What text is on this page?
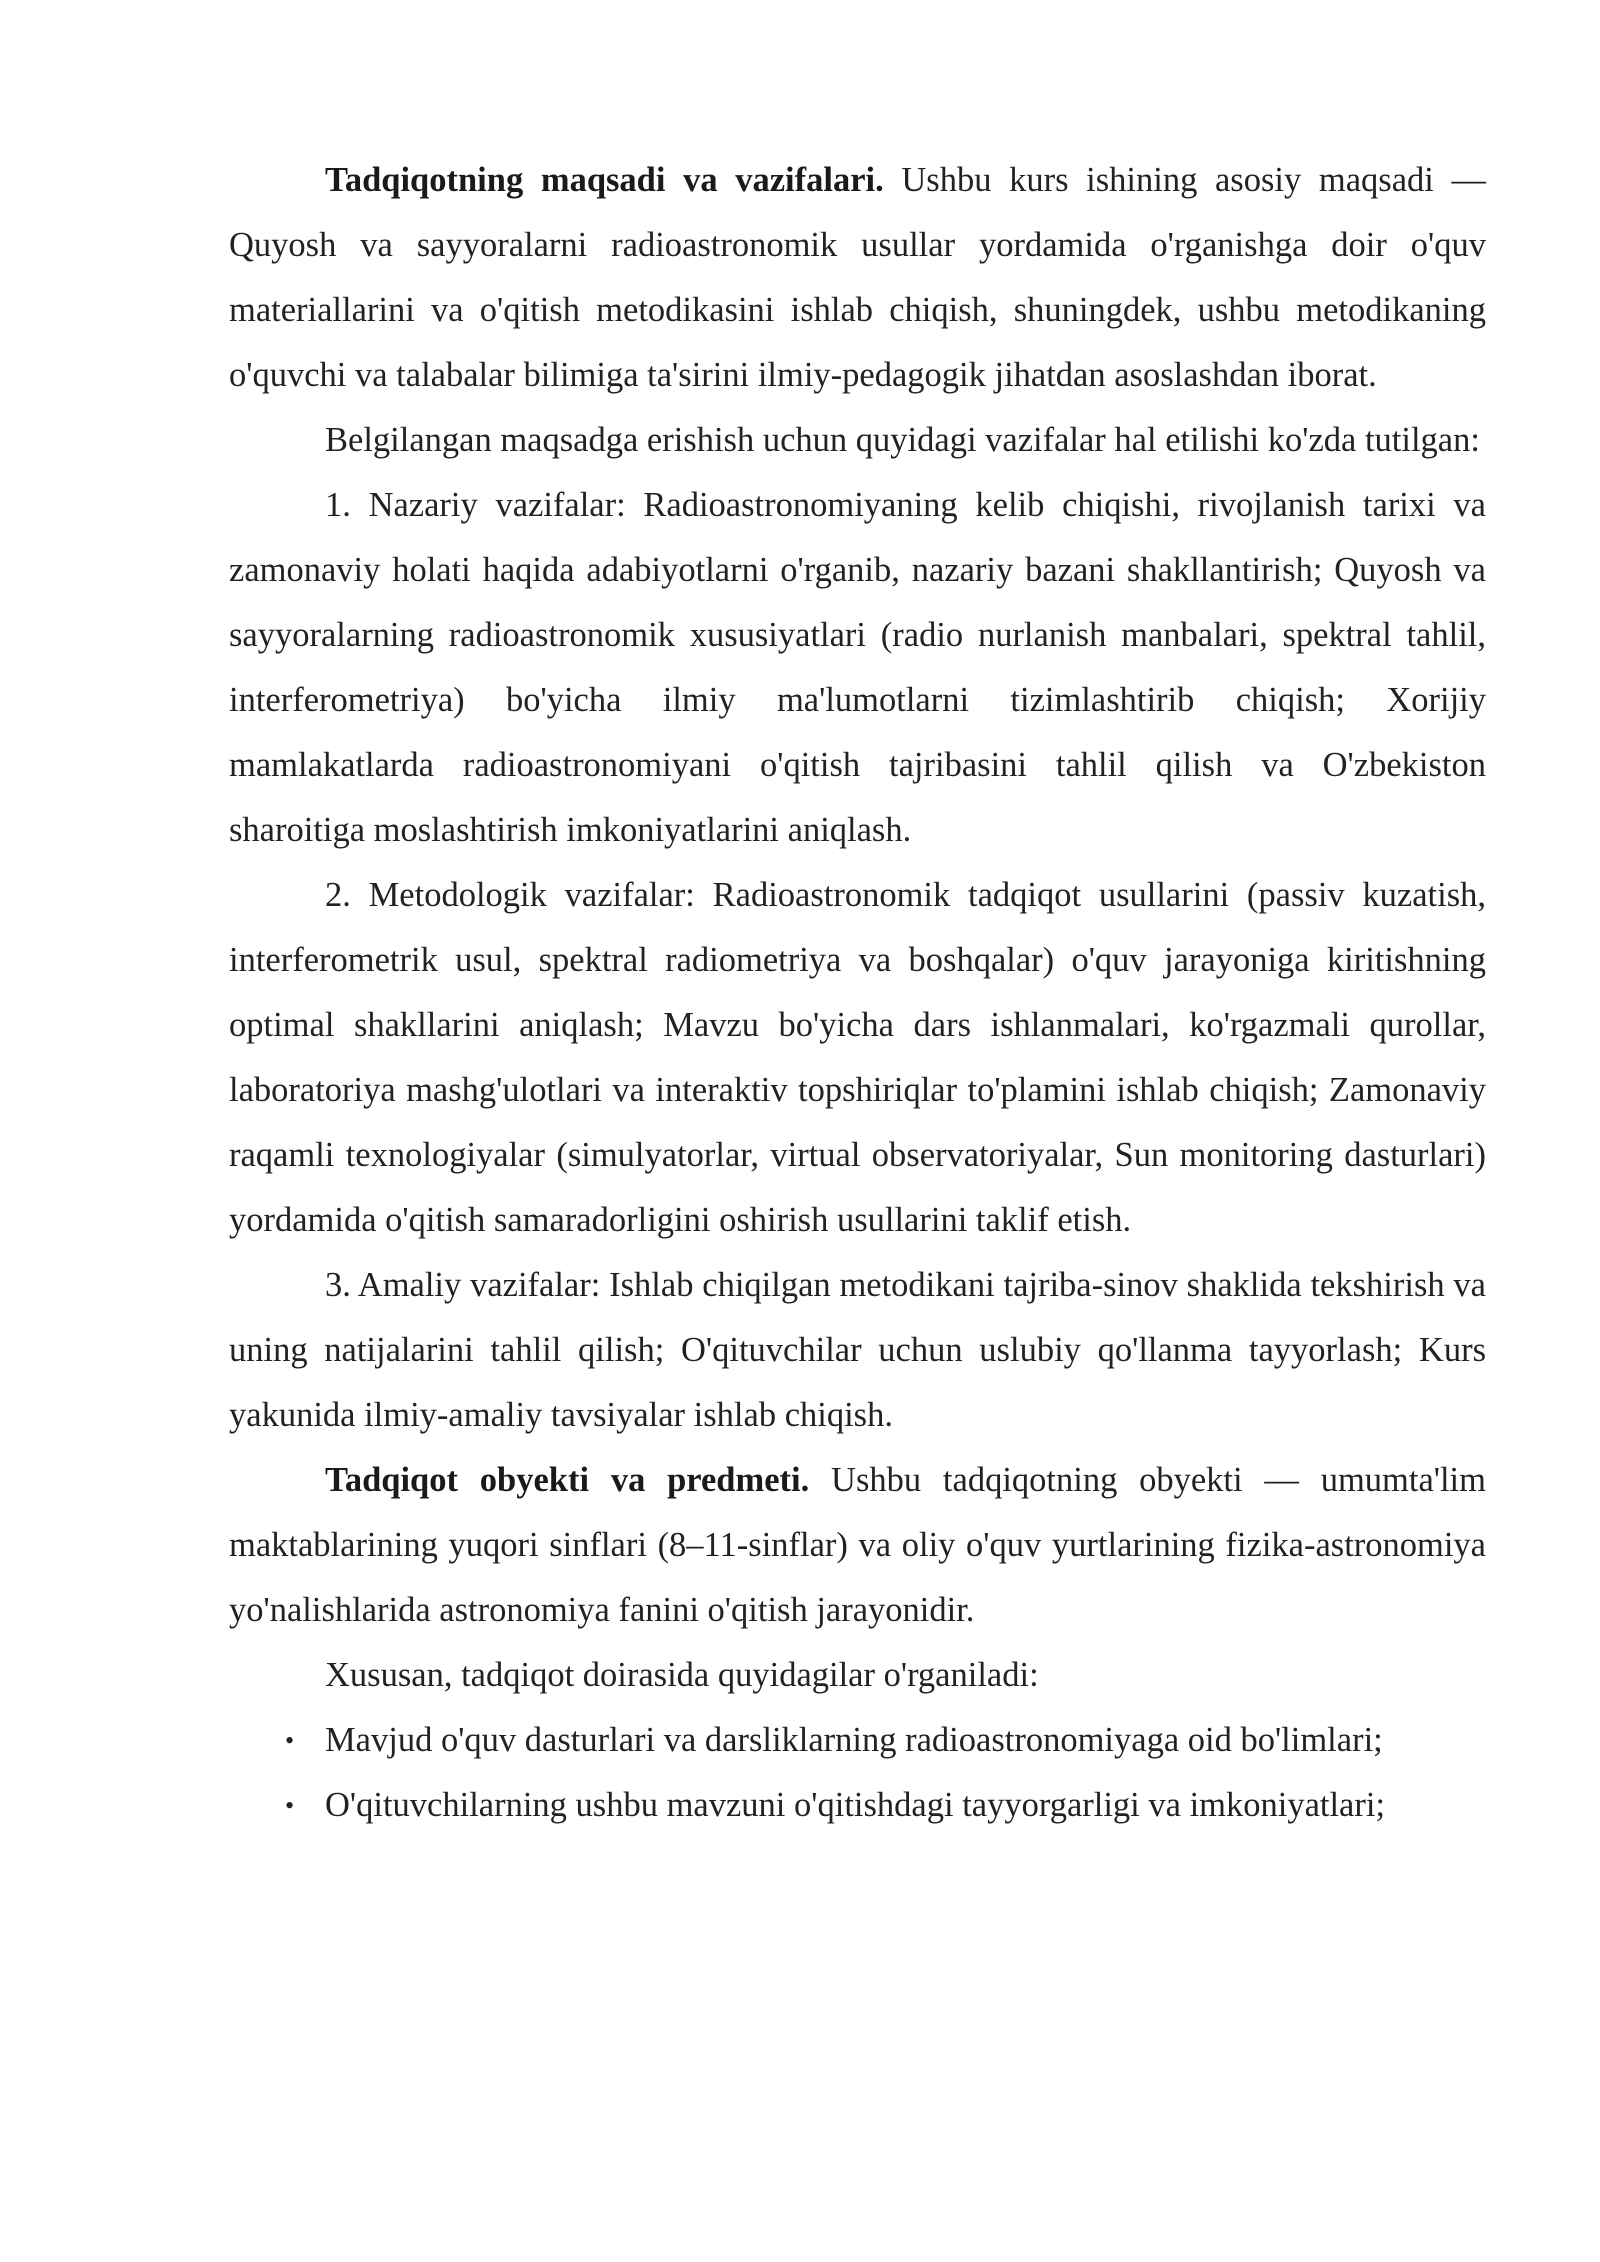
Tadqiqotning maqsadi va vazifalari. Ushbu kurs ishining asosiy maqsadi — Quyosh va sayyoralarni radioastronomik usullar yordamida o'rganishga doir o'quv materiallarini va o'qitish metodikasini ishlab chiqish, shuningdek, ushbu metodikaning o'quvchi va talabalar bilimiga ta'sirini ilmiy-pedagogik jihatdan asoslashdan iborat.

Belgilangan maqsadga erishish uchun quyidagi vazifalar hal etilishi ko'zda tutilgan:

1. Nazariy vazifalar: Radioastronomiyaning kelib chiqishi, rivojlanish tarixi va zamonaviy holati haqida adabiyotlarni o'rganib, nazariy bazani shakllantirish; Quyosh va sayyoralarning radioastronomik xususiyatlari (radio nurlanish manbalari, spektral tahlil, interferometriya) bo'yicha ilmiy ma'lumotlarni tizimlashtirib chiqish; Xorijiy mamlakatlarda radioastronomiyani o'qitish tajribasini tahlil qilish va O'zbekiston sharoitiga moslashtirish imkoniyatlarini aniqlash.

2. Metodologik vazifalar: Radioastronomik tadqiqot usullarini (passiv kuzatish, interferometrik usul, spektral radiometriya va boshqalar) o'quv jarayoniga kiritishning optimal shakllarini aniqlash; Mavzu bo'yicha dars ishlanmalari, ko'rgazmali qurollar, laboratoriya mashg'ulotlari va interaktiv topshiriqlar to'plamini ishlab chiqish; Zamonaviy raqamli texnologiyalar (simulyatorlar, virtual observatoriyalar, Sun monitoring dasturlari) yordamida o'qitish samaradorligini oshirish usullarini taklif etish.

3. Amaliy vazifalar: Ishlab chiqilgan metodikani tajriba-sinov shaklida tekshirish va uning natijalarini tahlil qilish; O'qituvchilar uchun uslubiy qo'llanma tayyorlash; Kurs yakunida ilmiy-amaliy tavsiyalar ishlab chiqish.

Tadqiqot obyekti va predmeti. Ushbu tadqiqotning obyekti — umumta'lim maktablarining yuqori sinflari (8–11-sinflar) va oliy o'quv yurtlarining fizika-astronomiya yo'nalishlarida astronomiya fanini o'qitish jarayonidir.

Xususan, tadqiqot doirasida quyidagilar o'rganiladi:

• Mavjud o'quv dasturlari va darsliklarning radioastronomiyaga oid bo'limlari;
• O'qituvchilarning ushbu mavzuni o'qitishdagi tayyorgarligi va imkoniyatlari;
